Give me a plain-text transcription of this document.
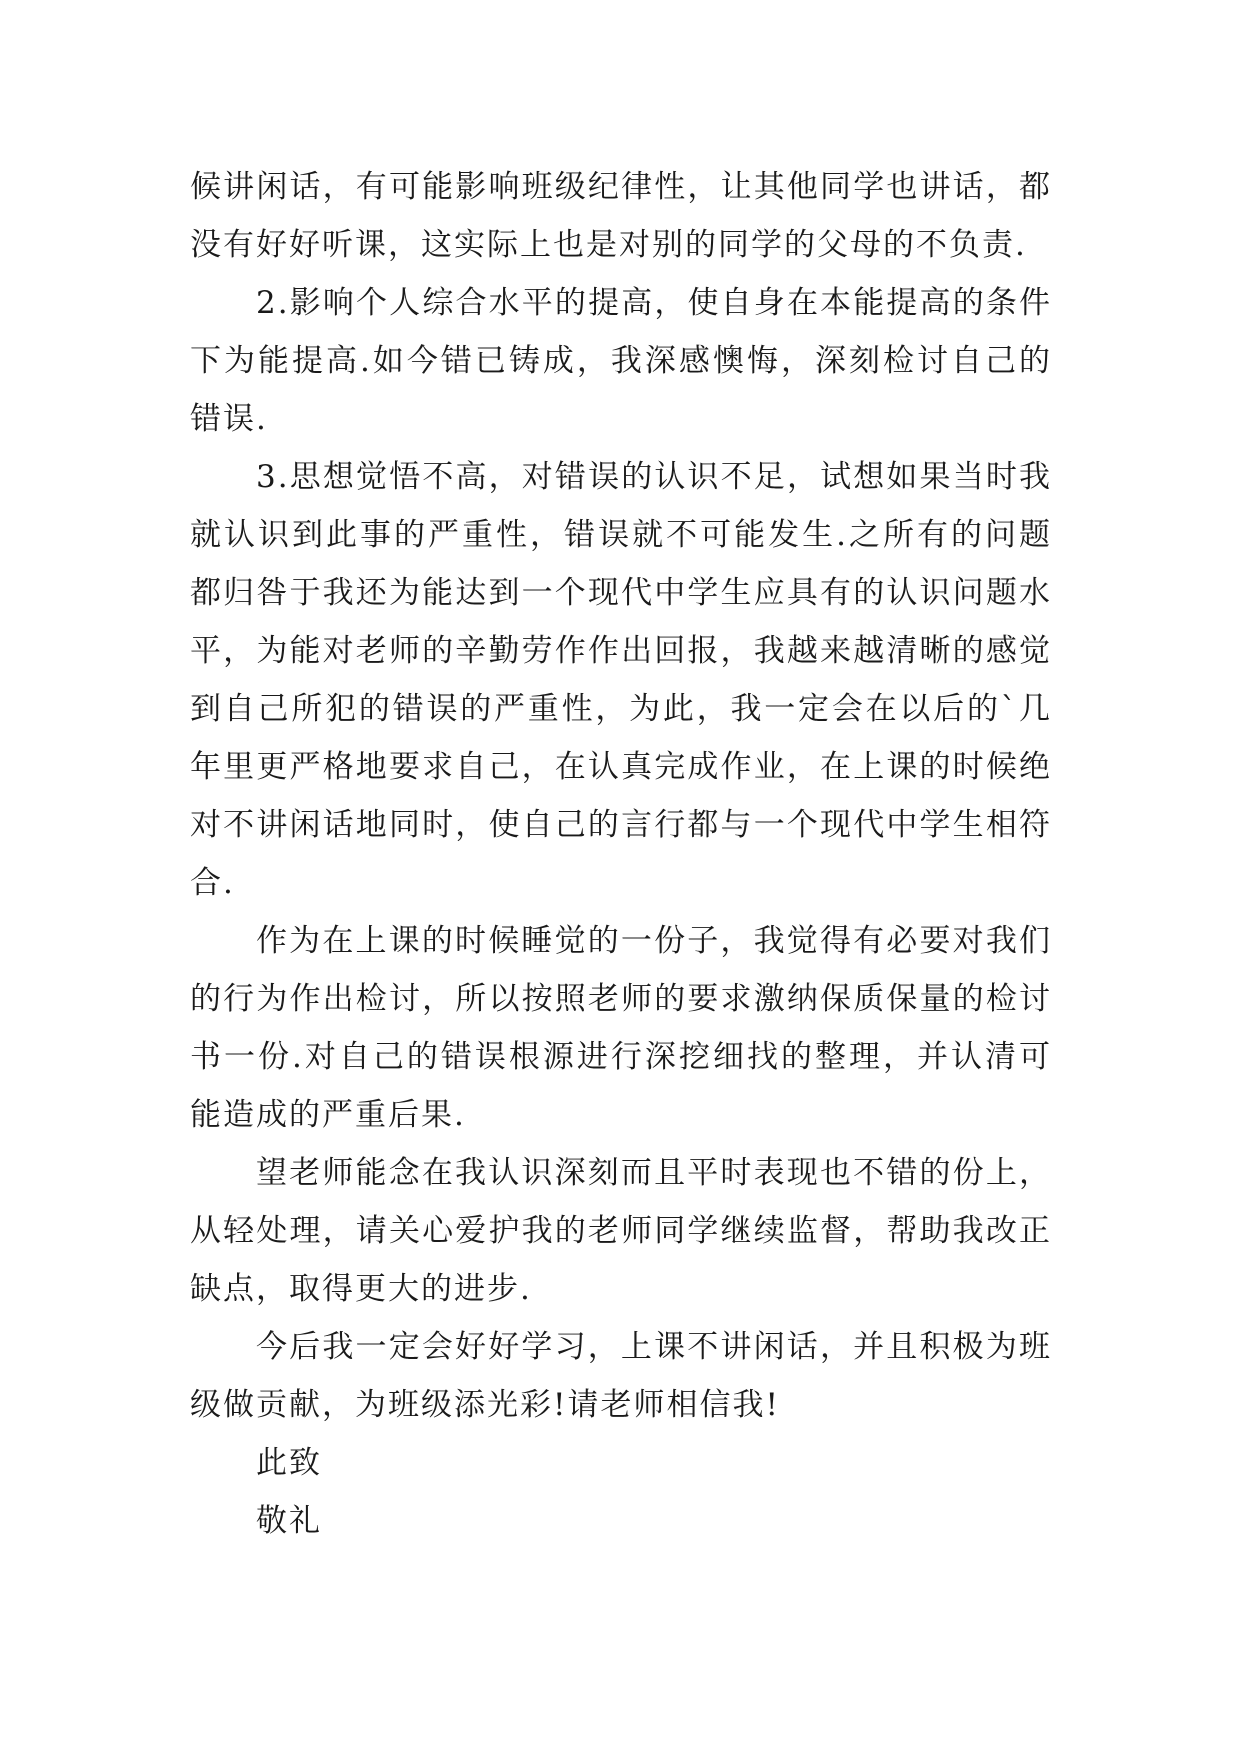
候讲闲话，有可能影响班级纪律性，让其他同学也讲话，都没有好好听课，这实际上也是对别的同学的父母的不负责.

2.影响个人综合水平的提高，使自身在本能提高的条件下为能提高.如今错已铸成，我深感懊悔，深刻检讨自己的错误.

3.思想觉悟不高，对错误的认识不足，试想如果当时我就认识到此事的严重性，错误就不可能发生.之所有的问题都归咎于我还为能达到一个现代中学生应具有的认识问题水平，为能对老师的辛勤劳作作出回报，我越来越清晰的感觉到自己所犯的错误的严重性，为此，我一定会在以后的`几年里更严格地要求自己，在认真完成作业，在上课的时候绝对不讲闲话地同时，使自己的言行都与一个现代中学生相符合.

作为在上课的时候睡觉的一份子，我觉得有必要对我们的行为作出检讨，所以按照老师的要求激纳保质保量的检讨书一份.对自己的错误根源进行深挖细找的整理，并认清可能造成的严重后果.

望老师能念在我认识深刻而且平时表现也不错的份上，从轻处理，请关心爱护我的老师同学继续监督，帮助我改正缺点，取得更大的进步.

今后我一定会好好学习，上课不讲闲话，并且积极为班级做贡献，为班级添光彩!请老师相信我!

此致

敬礼
